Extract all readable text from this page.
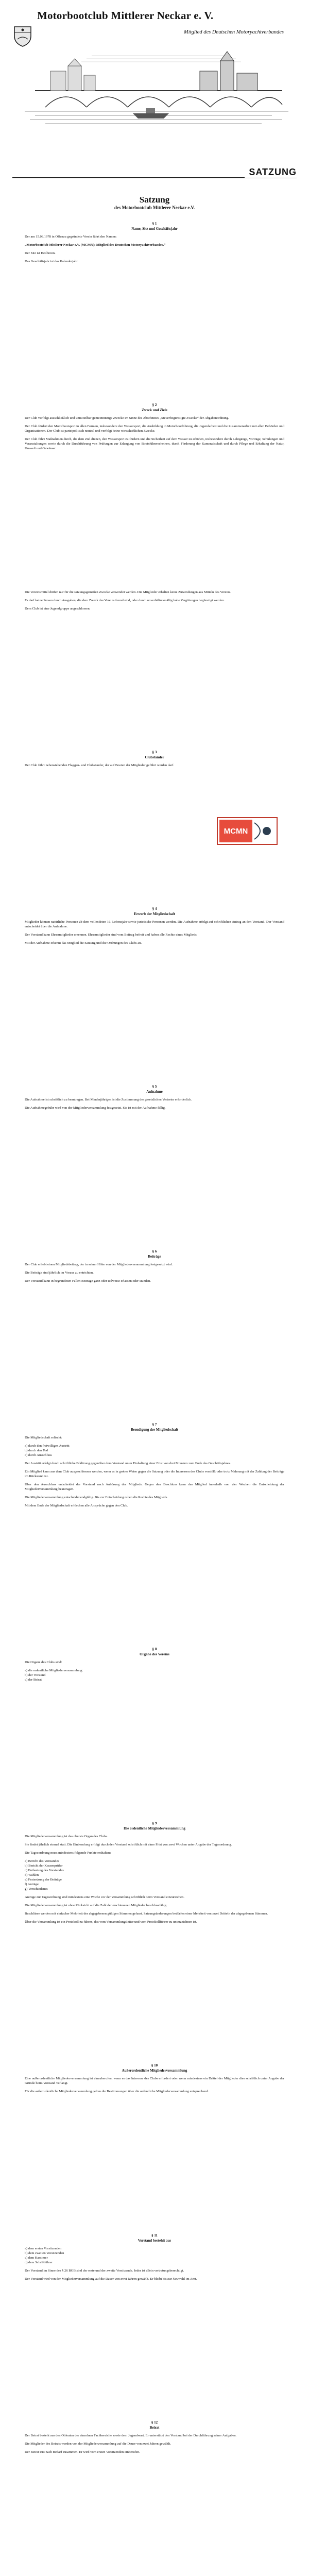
Motorbootclub Mittlerer Neckar e. V.
Mitglied des Deutschen Motoryachtverbandes
SATZUNG
Satzung
des Motorbootclub Mittlerer Neckar e.V.
MCMN
§ 1
Name, Sitz und Geschäftsjahr

Der am 15.08.1978 in Offenau gegründete Verein führt den Namen:

„Motorbootclub Mittlerer Neckar e.V. (MCMN); Mitglied des Deutschen Motoryachtverbandes.“

Der Sitz ist Heilbronn.

Das Geschäftsjahr ist das Kalenderjahr.

§ 2
Zweck und Ziele

Der Club verfolgt ausschließlich und unmittelbar gemeinnützige Zwecke im Sinne des Abschnittes „Steuerbegünstigte Zwecke“ der Abgabenordnung.

Der Club fördert den Motorbootsport in allen Formen, insbesondere den Wassersport, die Ausbildung in Motorbootführung, die Jugendarbeit und die Zusammenarbeit mit allen Behörden und Organisationen. Der Club ist parteipolitisch neutral und verfolgt keine wirtschaftlichen Zwecke.

Der Club führt Maßnahmen durch, die dem Ziel dienen, den Wassersport zu fördern und die Sicherheit auf dem Wasser zu erhöhen, insbesondere durch Lehrgänge, Vorträge, Schulungen und Veranstaltungen sowie durch die Durchführung von Prüfungen zur Erlangung von Bootsführerscheinen, durch Förderung der Kameradschaft und durch Pflege und Erhaltung der Natur, Umwelt und Gewässer.

Die Vereinsmittel dürfen nur für die satzungsgemäßen Zwecke verwendet werden. Die Mitglieder erhalten keine Zuwendungen aus Mitteln des Vereins.

Es darf keine Person durch Ausgaben, die dem Zweck des Vereins fremd sind, oder durch unverhältnismäßig hohe Vergütungen begünstigt werden.

Dem Club ist eine Jugendgruppe angeschlossen.

§ 3
Clubstander

Der Club führt nebenstehenden Flaggen- und Clubstander, der auf Booten der Mitglieder geführt werden darf.

§ 4
Erwerb der Mitgliedschaft

Mitglieder können natürliche Personen ab dem vollendeten 16. Lebensjahr sowie juristische Personen werden. Die Aufnahme erfolgt auf schriftlichen Antrag an den Vorstand. Der Vorstand entscheidet über die Aufnahme.

Der Vorstand kann Ehrenmitglieder ernennen. Ehrenmitglieder sind vom Beitrag befreit und haben alle Rechte eines Mitglieds.

Mit der Aufnahme erkennt das Mitglied die Satzung und die Ordnungen des Clubs an.

§ 5
Aufnahme

Die Aufnahme ist schriftlich zu beantragen. Bei Minderjährigen ist die Zustimmung der gesetzlichen Vertreter erforderlich.

Die Aufnahmegebühr wird von der Mitgliederversammlung festgesetzt. Sie ist mit der Aufnahme fällig.

§ 6
Beiträge

Der Club erhebt einen Mitgliedsbeitrag, der in seiner Höhe von der Mitgliederversammlung festgesetzt wird.

Die Beiträge sind jährlich im Voraus zu entrichten.

Der Vorstand kann in begründeten Fällen Beiträge ganz oder teilweise erlassen oder stunden.

§ 7
Beendigung der Mitgliedschaft

Die Mitgliedschaft erlischt:

a) durch den freiwilligen Austritt
b) durch den Tod
c) durch Ausschluss

Der Austritt erfolgt durch schriftliche Erklärung gegenüber dem Vorstand unter Einhaltung einer Frist von drei Monaten zum Ende des Geschäftsjahres.

Ein Mitglied kann aus dem Club ausgeschlossen werden, wenn es in grober Weise gegen die Satzung oder die Interessen des Clubs verstößt oder trotz Mahnung mit der Zahlung der Beiträge im Rückstand ist.

Über den Ausschluss entscheidet der Vorstand nach Anhörung des Mitglieds. Gegen den Beschluss kann das Mitglied innerhalb von vier Wochen die Entscheidung der Mitgliederversammlung beantragen.

Die Mitgliederversammlung entscheidet endgültig. Bis zur Entscheidung ruhen die Rechte des Mitglieds.

Mit dem Ende der Mitgliedschaft erlöschen alle Ansprüche gegen den Club.

§ 8
Organe des Vereins

Die Organe des Clubs sind:

a) die ordentliche Mitgliederversammlung
b) der Vorstand
c) der Beirat
§ 9
Die ordentliche Mitgliederversammlung

Die Mitgliederversammlung ist das oberste Organ des Clubs.

Sie findet jährlich einmal statt. Die Einberufung erfolgt durch den Vorstand schriftlich mit einer Frist von zwei Wochen unter Angabe der Tagesordnung.

Die Tagesordnung muss mindestens folgende Punkte enthalten:

a) Bericht des Vorstandes
b) Bericht der Kassenprüfer
c) Entlastung des Vorstandes
d) Wahlen
e) Festsetzung der Beiträge
f) Anträge
g) Verschiedenes

Anträge zur Tagesordnung sind mindestens eine Woche vor der Versammlung schriftlich beim Vorstand einzureichen.

Die Mitgliederversammlung ist ohne Rücksicht auf die Zahl der erschienenen Mitglieder beschlussfähig.

Beschlüsse werden mit einfacher Mehrheit der abgegebenen gültigen Stimmen gefasst. Satzungsänderungen bedürfen einer Mehrheit von zwei Dritteln der abgegebenen Stimmen.

Über die Versammlung ist ein Protokoll zu führen, das vom Versammlungsleiter und vom Protokollführer zu unterzeichnen ist.

§ 10
Außerordentliche Mitgliederversammlung

Eine außerordentliche Mitgliederversammlung ist einzuberufen, wenn es das Interesse des Clubs erfordert oder wenn mindestens ein Drittel der Mitglieder dies schriftlich unter Angabe der Gründe beim Vorstand verlangt.

Für die außerordentliche Mitgliederversammlung gelten die Bestimmungen über die ordentliche Mitgliederversammlung entsprechend.

§ 11
Vorstand bestehit aus
a) dem ersten Vorsitzenden
b) dem zweiten Vorsitzenden
c) dem Kassierer
d) dem Schriftführer

Der Vorstand im Sinne des § 26 BGB sind der erste und der zweite Vorsitzende. Jeder ist allein vertretungsberechtigt.

Der Vorstand wird von der Mitgliederversammlung auf die Dauer von zwei Jahren gewählt. Er bleibt bis zur Neuwahl im Amt.

§ 12
Beirat

Der Beirat besteht aus den Obleuten der einzelnen Fachbereiche sowie dem Jugendwart. Er unterstützt den Vorstand bei der Durchführung seiner Aufgaben.

Die Mitglieder des Beirats werden von der Mitgliederversammlung auf die Dauer von zwei Jahren gewählt.

Der Beirat tritt nach Bedarf zusammen. Er wird vom ersten Vorsitzenden einberufen.
